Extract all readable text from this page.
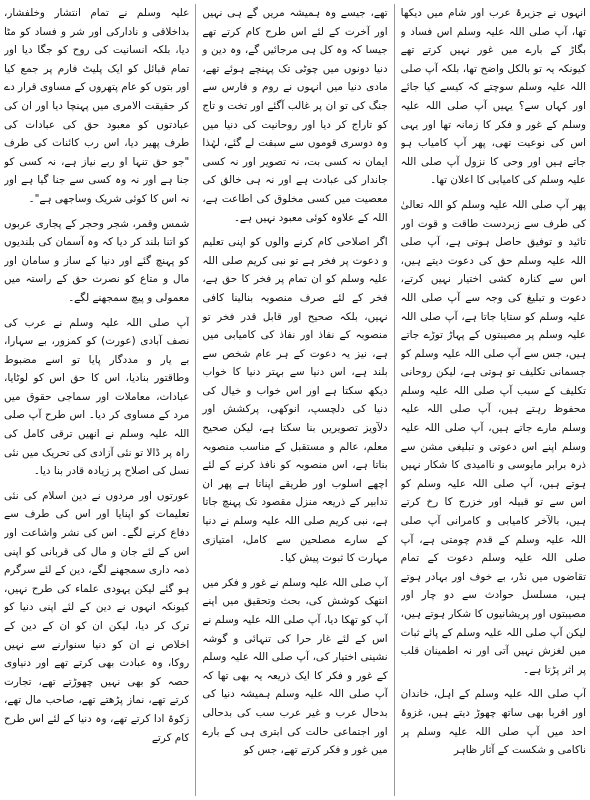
علیہ وسلم نے تمام انتشار وخلفشار، بداخلاقی و نادارکی اور شر و فساد کو مٹا دیا، بلکہ انسانیت کی روح کو جگا دیا اور تمام قبائل کو ایک پلیٹ فارم پر جمع کیا اور بتوں کو عام پتھروں کے مساوی قرار دے کر حقیقت الامری میں پہنچا دیا اور ان کی عبادتوں کو معبود حق کی عبادات کی طرف پھیر دیا، اس رب کائنات کی طرف "جو حق تنہا او ربے نیاز ہے، نہ کسی کو جنا ہے اور نہ وہ کسی سے جنا گیا ہے اور نہ اس کا کوئی شریک وساجھی ہے"۔

شمس وقمر، شجر وحجر کے پجاری عربوں کو اتنا بلند کر دیا کہ وہ آسمان کی بلندیوں کو پہنچ گئے اور دنیا کے ساز و سامان اور مال و متاع کو نصرت حق کے راستہ میں معمولی و پیچ سمجھنے لگے۔

آپ صلی اللہ علیہ وسلم نے عرب کی نصف آبادی (عورت) کو کمزور، بے سہارا، بے یار و مددگار پایا تو اسے مضبوط وطاقتور بنادیا، اس کا حق اس کو لوٹایا، عبادات، معاملات اور سماجی حقوق میں مرد کے مساوی کر دیا۔ اس طرح آپ صلی اللہ علیہ وسلم نے انھیں ترقی کامل کی راہ پر ڈالا تو نئی آزادی کی تحریک میں نئی نسل کی اصلاح پر زیادہ قادر بنا دیا۔

عورتوں اور مردوں نے دین اسلام کی نئی تعلیمات کو اپنایا اور اس کی طرف سے دفاع کرنے لگے۔ اس کی نشر واشاعت اور اس کے لئے جان و مال کی قربانی کو اپنی ذمہ داری سمجھنے لگے، دین کے لئے سرگرم ہو گئے لیکن یہودی علماء کی طرح نہیں، کیونکہ انہوں نے دین کے لئے اپنی دنیا کو ترک کر دیا، لیکن ان کو ان کے دین کے اخلاص نے ان کو دنیا سنوارنے سے نہیں روکا، وہ عبادت بھی کرتے تھے اور دنیاوی حصہ کو بھی نہیں چھوڑتے تھے، تجارت کرتے تھے، نماز پڑھتے تھے، صاحب مال تھے، زکوۃ ادا کرتے تھے، وہ دنیا کے لئے اس طرح کام کرتے

تھے، جیسے وہ ہمیشہ مریں گے ہی نہیں اور آخرت کے لئے اس طرح کام کرتے تھے جیسا کہ وہ کل ہی مرجائیں گے، وہ دین و دنیا دونوں میں چوٹی تک پہنچے ہوئے تھے، مادی دنیا میں انہوں نے روم و فارس سے جنگ کی تو ان پر غالب آگئے اور تخت و تاج کو تاراج کر دیا اور روحانیت کی دنیا میں وہ دوسری قوموں سے سبقت لے گئے، لہٰذا ایمان نہ کسی بت، نہ تصویر اور نہ کسی جاندار کی عبادت ہے اور نہ ہی خالق کی معصیت میں کسی مخلوق کی اطاعت ہے، اللہ کے علاوہ کوئی معبود نہیں ہے۔

اگر اصلاحی کام کرنے والوں کو اپنی تعلیم و دعوت پر فخر ہے تو نبی کریم صلی اللہ علیہ وسلم کو ان تمام پر فخر کا حق ہے، فخر کے لئے صرف منصوبہ بنالینا کافی نہیں، بلکہ صحیح اور قابل قدر فخر تو منصوبہ کے نفاذ اور نفاذ کی کامیابی میں ہے، نیز یہ دعوت کے ہر عام شخص سے بلند ہے، اس دنیا سے بہتر دنیا کا خواب دیکھ سکتا ہے اور اس خواب و خیال کی دنیا کی دلچسپ، انوکھی، پرکشش اور دلآویز تصویریں بنا سکتا ہے، لیکن صحیح معلم، عالم و مستقبل کے مناسب منصوبہ بناتا ہے، اس منصوبہ کو نافذ کرنے کے لئے اچھے اسلوب اور طریقے اپناتا ہے پھر ان تدابیر کے ذریعہ منزل مقصود تک پہنچ جاتا ہے، نبی کریم صلی اللہ علیہ وسلم نے دنیا کے سارے مصلحین سے کامل، امتیازی مہارت کا ثبوت پیش کیا۔

آپ صلی اللہ علیہ وسلم نے غور و فکر میں انتھک کوشش کی، بحث وتحقیق میں اپنے آپ کو تھکا دیا، آپ صلی اللہ علیہ وسلم نے اس کے لئے غار حرا کی تنہائی و گوشہ نشینی اختیار کی، آپ صلی اللہ علیہ وسلم کے غور و فکر کا ایک ذریعہ یہ بھی تھا کہ آپ صلی اللہ علیہ وسلم ہمیشہ دنیا کی بدحال عرب و غیر عرب سب کی بدحالی اور اجتماعی حالت کی ابتری ہی کے بارے میں غور و فکر کرتے تھے، جس کو

انہوں نے جزیرۂ عرب اور شام میں دیکھا تھا، آپ صلی اللہ علیہ وسلم اس فساد و بگاڑ کے بارے میں غور نہیں کرتے تھے کیونکہ یہ تو بالکل واضح تھا، بلکہ آپ صلی اللہ علیہ وسلم سوچتے کہ کیسے کیا جائے اور کہاں سے؟ یہیں آپ صلی اللہ علیہ وسلم کے غور و فکر کا زمانہ تھا اور یہی اس کی نوعیت تھی، پھر آپ کامیاب ہو جاتے ہیں اور وحی کا نزول آپ صلی اللہ علیہ وسلم کی کامیابی کا اعلان تھا۔

پھر آپ صلی اللہ علیہ وسلم کو اللہ تعالیٰ کی طرف سے زبردست طاقت و قوت اور تائید و توفیق حاصل ہوتی ہے، آپ صلی اللہ علیہ وسلم حق کی دعوت دیتے ہیں، اس سے کنارہ کشی اختیار نہیں کرتے، دعوت و تبلیغ کی وجہ سے آپ صلی اللہ علیہ وسلم کو ستایا جاتا ہے، آپ صلی اللہ علیہ وسلم پر مصیبتوں کے پہاڑ توڑے جاتے ہیں، جس سے آپ صلی اللہ علیہ وسلم کو جسمانی تکلیف تو ہوتی ہے، لیکن روحانی تکلیف کے سبب آپ صلی اللہ علیہ وسلم محفوظ رہتے ہیں، آپ صلی اللہ علیہ وسلم مارے جاتے ہیں، آپ صلی اللہ علیہ وسلم اپنے اس دعوتی و تبلیغی مشن سے ذرہ برابر مایوسی و ناامیدی کا شکار نہیں ہوتے ہیں، آپ صلی اللہ علیہ وسلم کو اس سے تو قبیلہ اور خزرج کا رخ کرتے ہیں، بالآخر کامیابی و کامرانی آپ صلی اللہ علیہ وسلم کے قدم چومتی ہے، آپ صلی اللہ علیہ وسلم دعوت کے تمام تقاضوں میں نڈر، بے خوف اور بہادر ہوتے ہیں، مسلسل حوادث سے دو چار اور مصیبتوں اور پریشانیوں کا شکار ہوتے ہیں، لیکن آپ صلی اللہ علیہ وسلم کے پائے ثبات میں لغزش نہیں آتی اور نہ اطمینان قلب پر اثر پڑتا ہے۔

آپ صلی اللہ علیہ وسلم کے اہل، خاندان اور اقربا بھی ساتھ چھوڑ دیتے ہیں، غزوۂ احد میں آپ صلی اللہ علیہ وسلم پر ناکامی و شکست کے آثار ظاہر
